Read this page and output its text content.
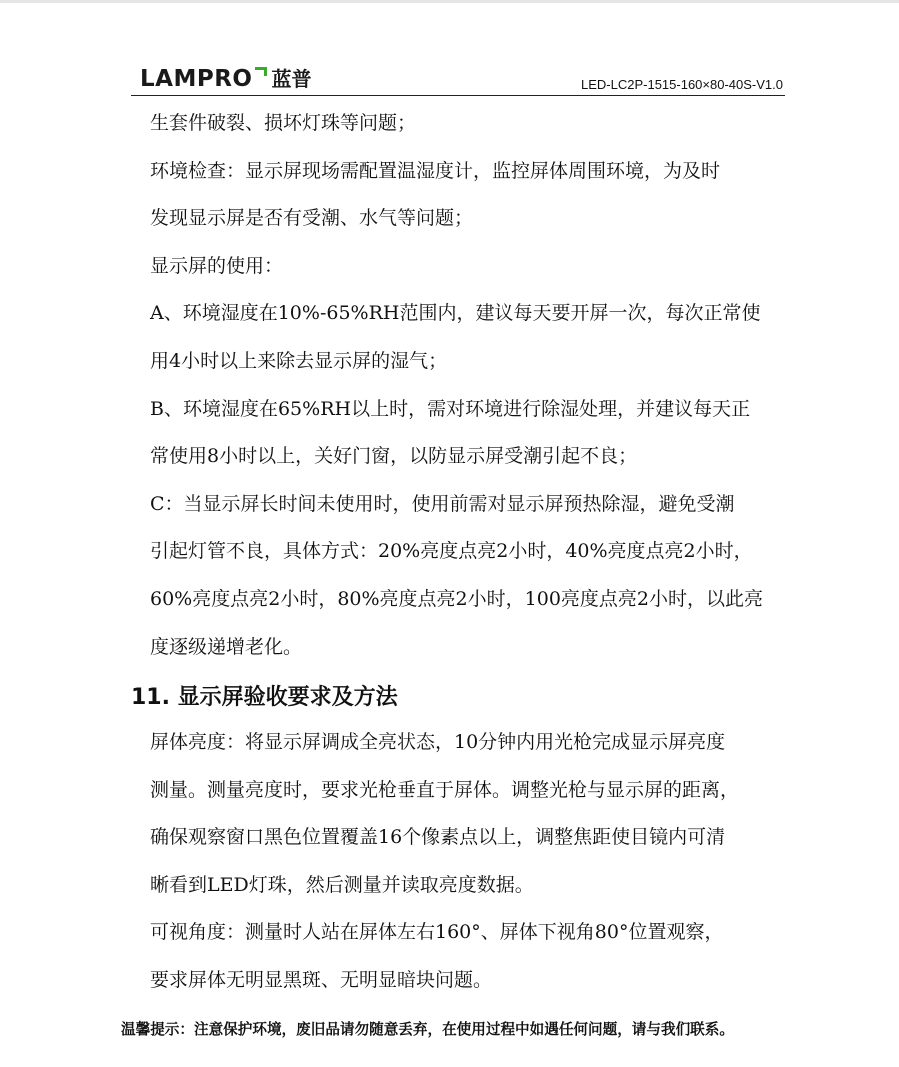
LAMPRO 蓝普	LED-LC2P-1515-160×80-40S-V1.0

生套件破裂、损坏灯珠等问题；

环境检查：显示屏现场需配置温湿度计，监控屏体周围环境，为及时

发现显示屏是否有受潮、水气等问题；

显示屏的使用：

A、环境湿度在10%-65%RH范围内，建议每天要开屏一次，每次正常使

用4小时以上来除去显示屏的湿气；

B、环境湿度在65%RH以上时，需对环境进行除湿处理，并建议每天正

常使用8小时以上，关好门窗，以防显示屏受潮引起不良；

C：当显示屏长时间未使用时，使用前需对显示屏预热除湿，避免受潮

引起灯管不良，具体方式：20%亮度点亮2小时，40%亮度点亮2小时，

60%亮度点亮2小时，80%亮度点亮2小时，100亮度点亮2小时，以此亮

度逐级递增老化。

11. 显示屏验收要求及方法

屏体亮度：将显示屏调成全亮状态，10分钟内用光枪完成显示屏亮度

测量。测量亮度时，要求光枪垂直于屏体。调整光枪与显示屏的距离，

确保观察窗口黑色位置覆盖16个像素点以上，调整焦距使目镜内可清

晰看到LED灯珠，然后测量并读取亮度数据。

可视角度：测量时人站在屏体左右160°、屏体下视角80°位置观察，

要求屏体无明显黑斑、无明显暗块问题。

温馨提示：注意保护环境，废旧品请勿随意丢弃，在使用过程中如遇任何问题，请与我们联系。
